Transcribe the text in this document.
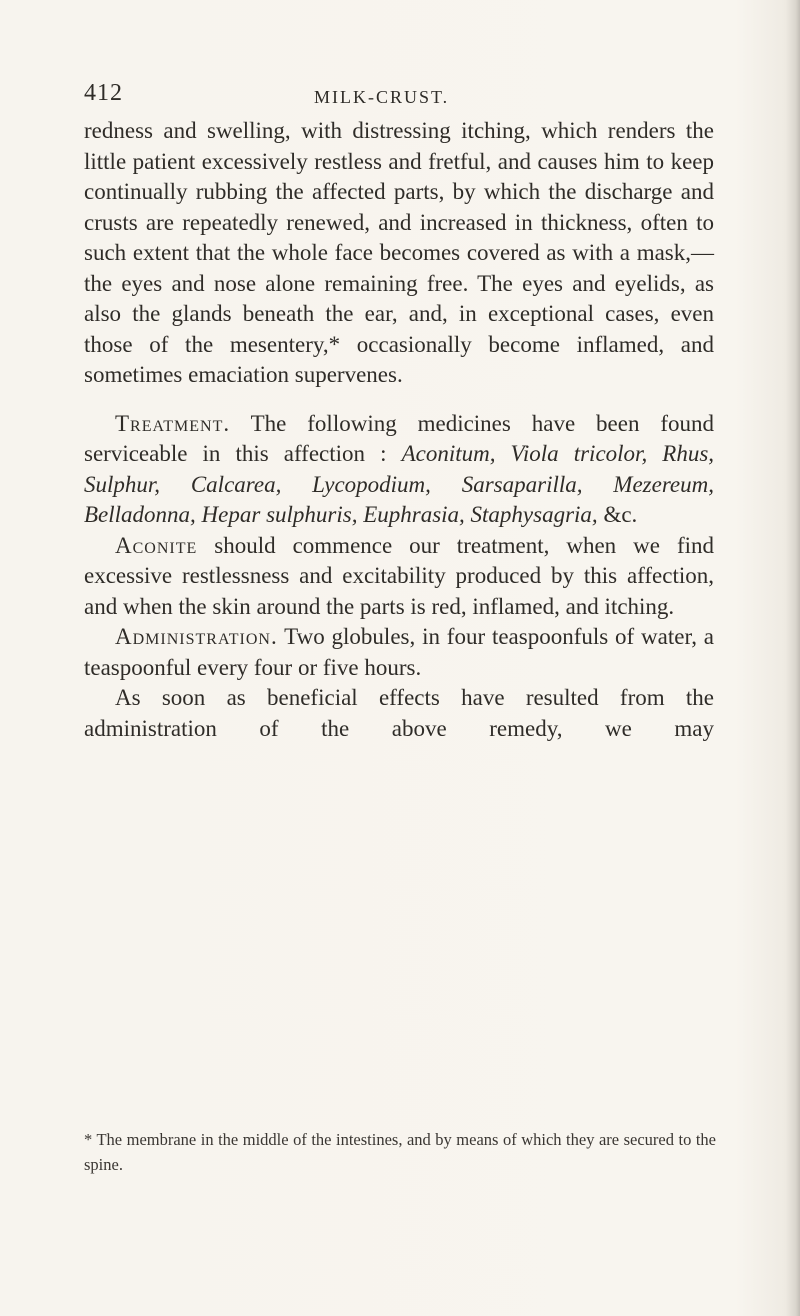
412	MILK-CRUST.

redness and swelling, with distressing itching, which renders the little patient excessively restless and fretful, and causes him to keep continually rubbing the affected parts, by which the discharge and crusts are repeatedly renewed, and increased in thickness, often to such extent that the whole face becomes covered as with a mask,—the eyes and nose alone remaining free. The eyes and eyelids, as also the glands beneath the ear, and, in exceptional cases, even those of the mesentery,* occasionally become inflamed, and sometimes emaciation supervenes.

Treatment. The following medicines have been found serviceable in this affection : Aconitum, Viola tricolor, Rhus, Sulphur, Calcarea, Lycopodium, Sarsaparilla, Mezereum, Belladonna, Hepar sulphuris, Euphrasia, Staphysagria, &c.

Aconite should commence our treatment, when we find excessive restlessness and excitability produced by this affection, and when the skin around the parts is red, inflamed, and itching.

Administration. Two globules, in four teaspoonfuls of water, a teaspoonful every four or five hours.

As soon as beneficial effects have resulted from the administration of the above remedy, we may

* The membrane in the middle of the intestines, and by means of which they are secured to the spine.
